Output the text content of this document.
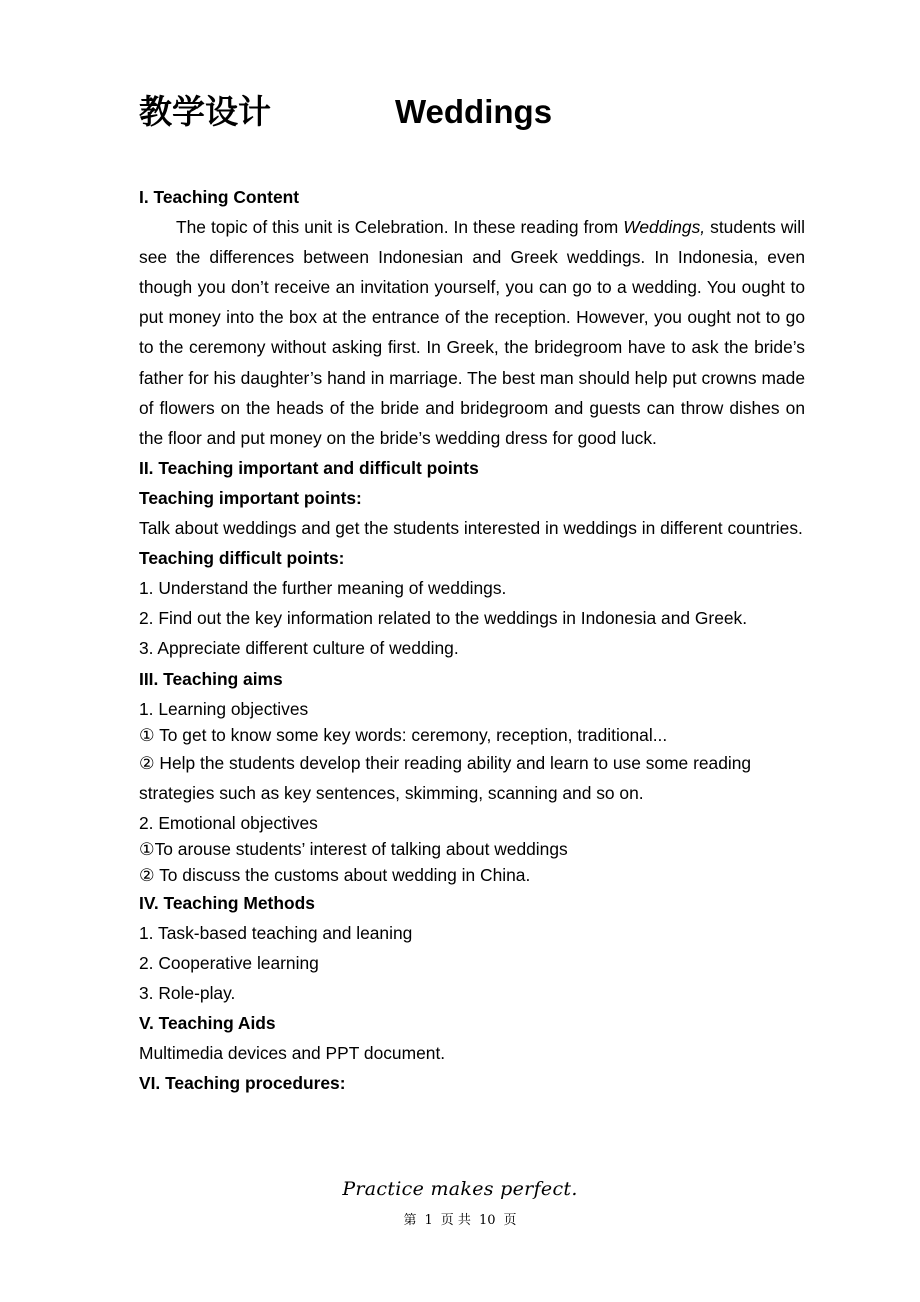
教学设计	Weddings

I. Teaching Content

The topic of this unit is Celebration. In these reading from Weddings, students will see the differences between Indonesian and Greek weddings. In Indonesia, even though you don’t receive an invitation yourself, you can go to a wedding. You ought to put money into the box at the entrance of the reception. However, you ought not to go to the ceremony without asking first. In Greek, the bridegroom have to ask the bride’s father for his daughter’s hand in marriage. The best man should help put crowns made of flowers on the heads of the bride and bridegroom and guests can throw dishes on the floor and put money on the bride’s wedding dress for good luck.

II. Teaching important and difficult points

Teaching important points:

Talk about weddings and get the students interested in weddings in different countries.

Teaching difficult points:

1. Understand the further meaning of weddings.

2. Find out the key information related to the weddings in Indonesia and Greek.

3. Appreciate different culture of wedding.

III. Teaching aims

1. Learning objectives

① To get to know some key words: ceremony, reception, traditional...

② Help the students develop their reading ability and learn to use some reading strategies such as key sentences, skimming, scanning and so on.

2. Emotional objectives

①To arouse students’ interest of talking about weddings

② To discuss the customs about wedding in China.

IV. Teaching Methods

1. Task-based teaching and leaning

2. Cooperative learning

3. Role-play.

V. Teaching Aids

Multimedia devices and PPT document.

VI. Teaching procedures:

Practice makes perfect.
第 1 页 共 10 页
